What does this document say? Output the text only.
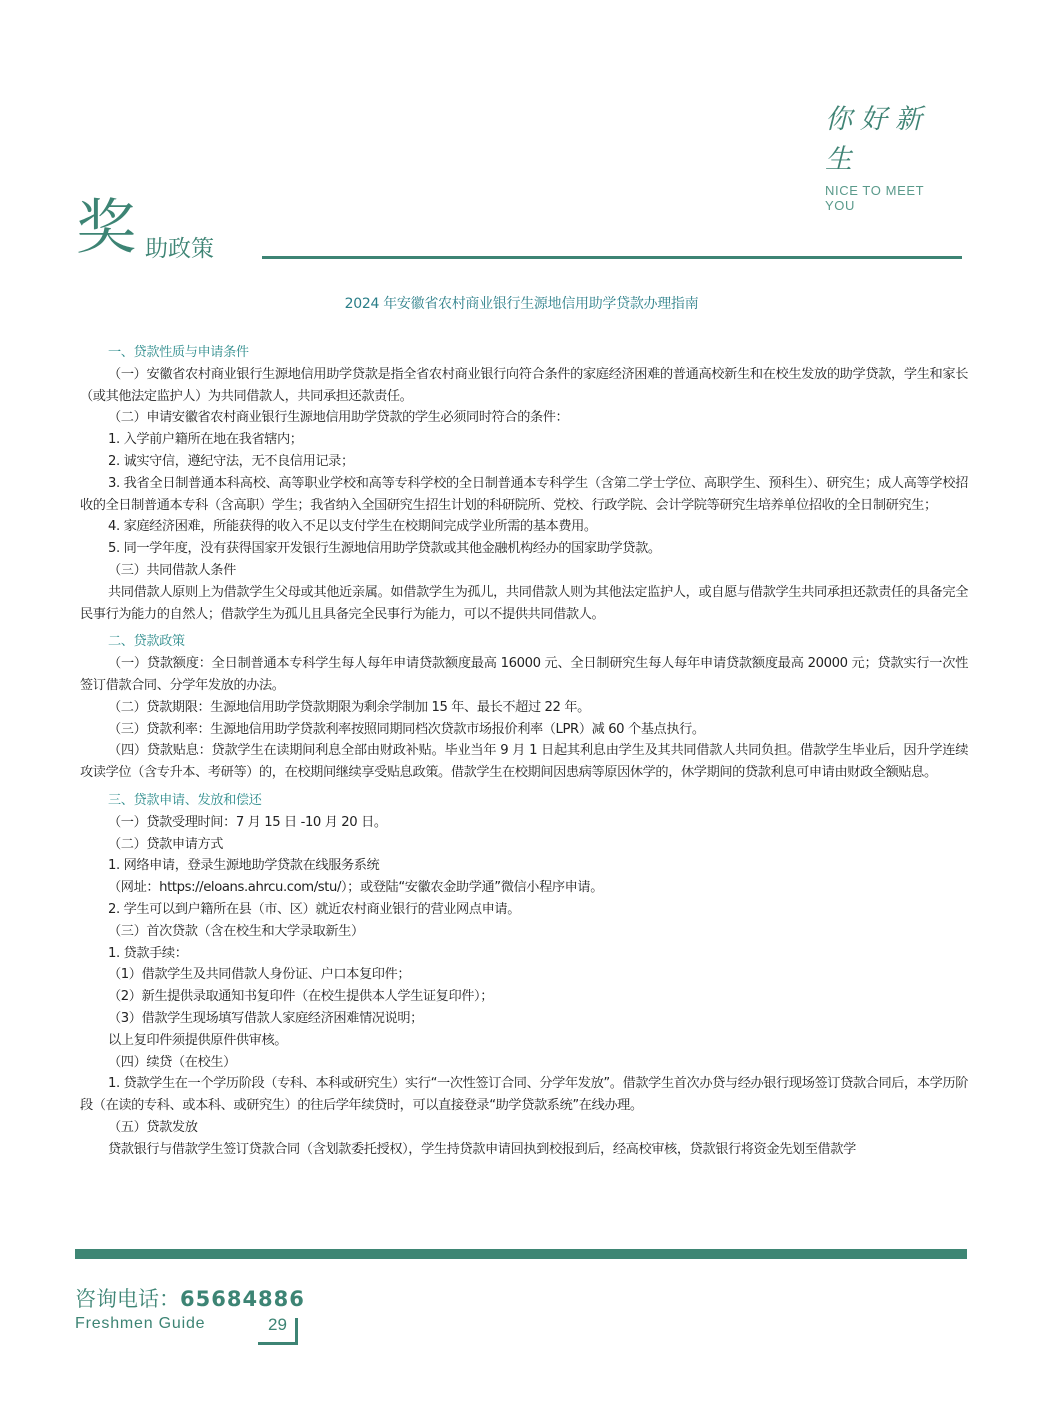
你好新生
NICE TO MEET YOU
奖 助政策
2024 年安徽省农村商业银行生源地信用助学贷款办理指南
一、贷款性质与申请条件
（一）安徽省农村商业银行生源地信用助学贷款是指全省农村商业银行向符合条件的家庭经济困难的普通高校新生和在校生发放的助学贷款，学生和家长（或其他法定监护人）为共同借款人，共同承担还款责任。
（二）申请安徽省农村商业银行生源地信用助学贷款的学生必须同时符合的条件：
1. 入学前户籍所在地在我省辖内；
2. 诚实守信，遵纪守法，无不良信用记录；
3. 我省全日制普通本科高校、高等职业学校和高等专科学校的全日制普通本专科学生（含第二学士学位、高职学生、预科生）、研究生；成人高等学校招收的全日制普通本专科（含高职）学生；我省纳入全国研究生招生计划的科研院所、党校、行政学院、会计学院等研究生培养单位招收的全日制研究生；
4. 家庭经济困难，所能获得的收入不足以支付学生在校期间完成学业所需的基本费用。
5. 同一学年度，没有获得国家开发银行生源地信用助学贷款或其他金融机构经办的国家助学贷款。
（三）共同借款人条件
共同借款人原则上为借款学生父母或其他近亲属。如借款学生为孤儿，共同借款人则为其他法定监护人，或自愿与借款学生共同承担还款责任的具备完全民事行为能力的自然人；借款学生为孤儿且具备完全民事行为能力，可以不提供共同借款人。
二、贷款政策
（一）贷款额度：全日制普通本专科学生每人每年申请贷款额度最高 16000 元、全日制研究生每人每年申请贷款额度最高 20000 元；贷款实行一次性签订借款合同、分学年发放的办法。
（二）贷款期限：生源地信用助学贷款期限为剩余学制加 15 年、最长不超过 22 年。
（三）贷款利率：生源地信用助学贷款利率按照同期同档次贷款市场报价利率（LPR）减 60 个基点执行。
（四）贷款贴息：贷款学生在读期间利息全部由财政补贴。毕业当年 9 月 1 日起其利息由学生及其共同借款人共同负担。借款学生毕业后，因升学连续攻读学位（含专升本、考研等）的，在校期间继续享受贴息政策。借款学生在校期间因患病等原因休学的，休学期间的贷款利息可申请由财政全额贴息。
三、贷款申请、发放和偿还
（一）贷款受理时间：7 月 15 日 -10 月 20 日。
（二）贷款申请方式
1. 网络申请，登录生源地助学贷款在线服务系统
（网址：https://eloans.ahrcu.com/stu/）；或登陆“安徽农金助学通”微信小程序申请。
2. 学生可以到户籍所在县（市、区）就近农村商业银行的营业网点申请。
（三）首次贷款（含在校生和大学录取新生）
1. 贷款手续：
（1）借款学生及共同借款人身份证、户口本复印件；
（2）新生提供录取通知书复印件（在校生提供本人学生证复印件）；
（3）借款学生现场填写借款人家庭经济困难情况说明；
以上复印件须提供原件供审核。
（四）续贷（在校生）
1. 贷款学生在一个学历阶段（专科、本科或研究生）实行“一次性签订合同、分学年发放”。借款学生首次办贷与经办银行现场签订贷款合同后，本学历阶段（在读的专科、或本科、或研究生）的往后学年续贷时，可以直接登录“助学贷款系统”在线办理。
（五）贷款发放
贷款银行与借款学生签订贷款合同（含划款委托授权），学生持贷款申请回执到校报到后，经高校审核，贷款银行将资金先划至借款学
咨询电话：65684886
Freshmen Guide	29
